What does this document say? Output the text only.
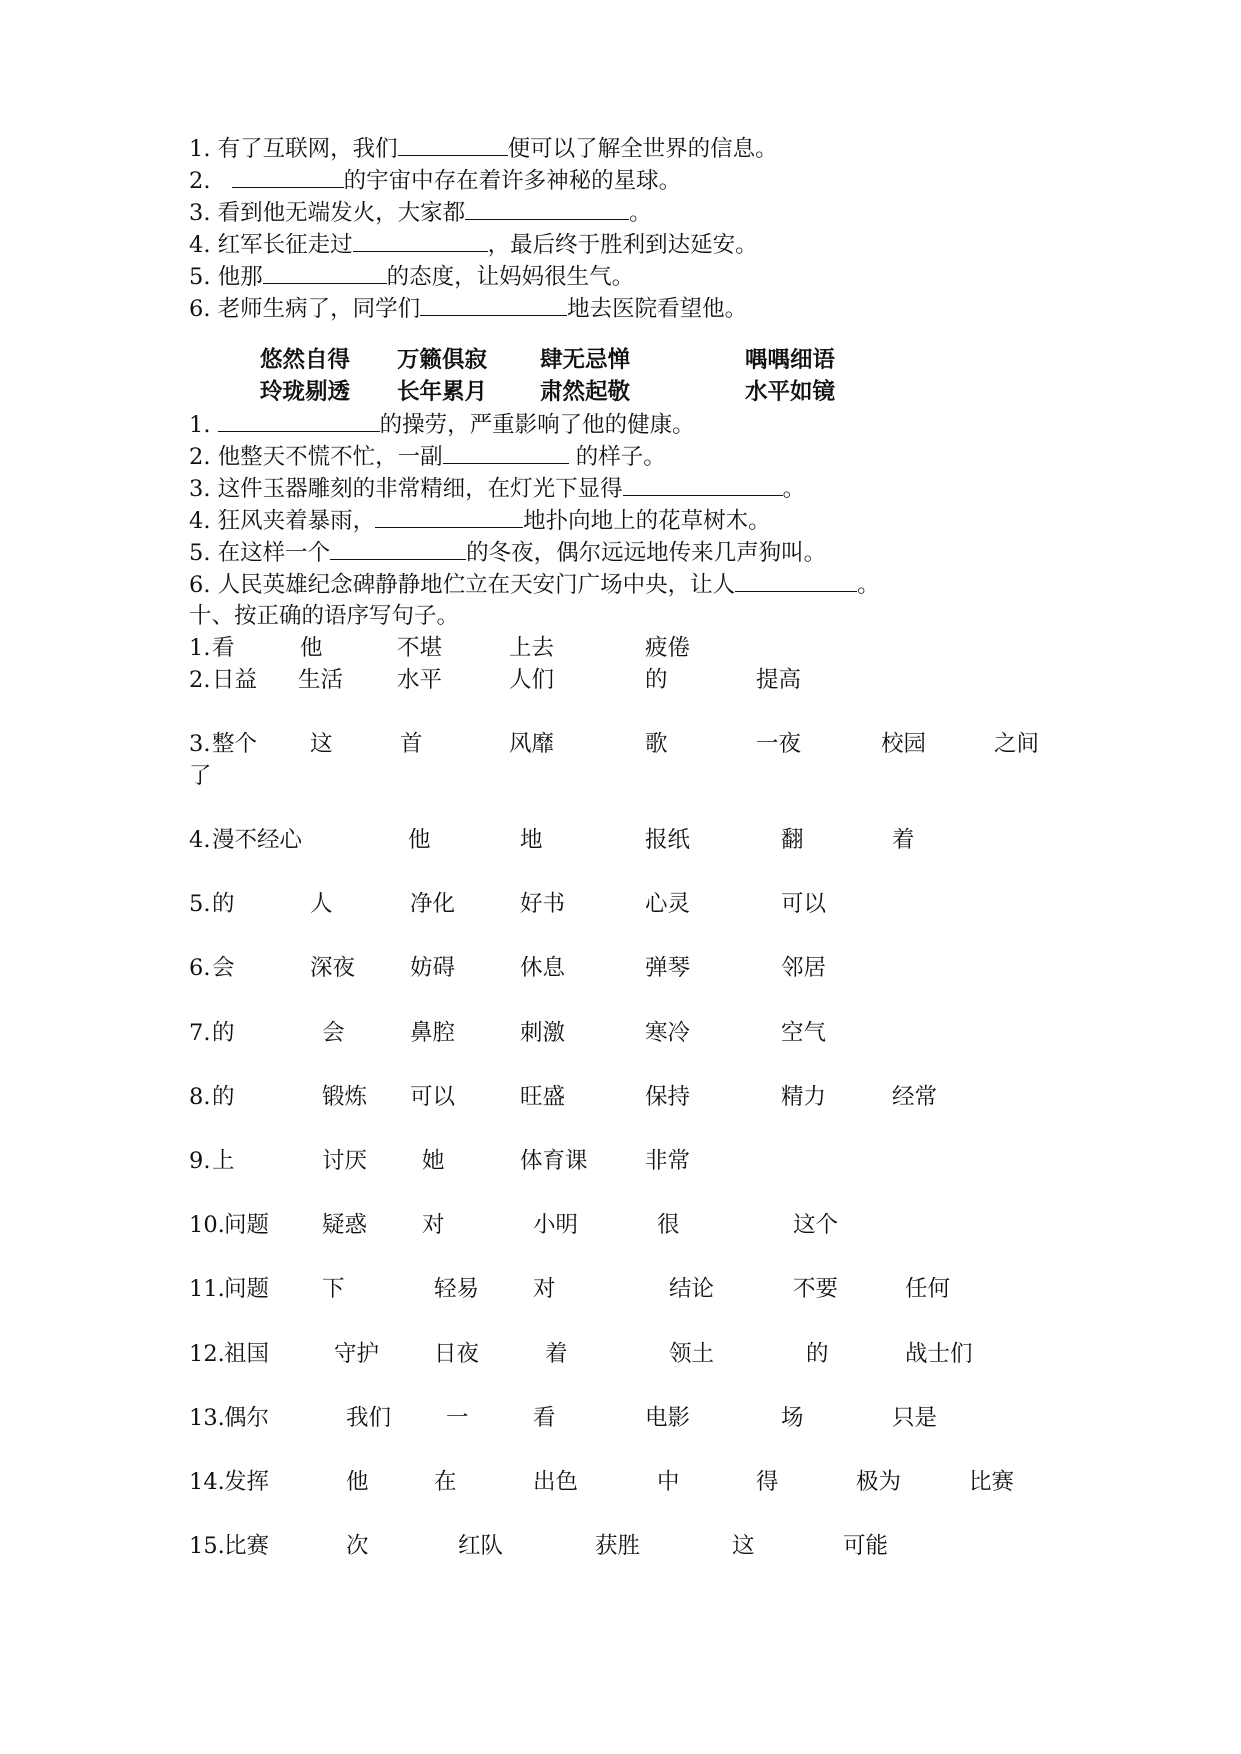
1. 有了互联网，我们	便可以了解全世界的信息。
2.	的宇宙中存在着许多神秘的星球。
3. 看到他无端发火，大家都	。
4. 红军长征走过	，最后终于胜利到达延安。
5. 他那	的态度，让妈妈很生气。
6. 老师生病了，同学们	地去医院看望他。
悠然自得 万籁俱寂 肆无忌惮	喁喁细语
玲珑剔透 长年累月 肃然起敬	水平如镜
1.	的操劳，严重影响了他的健康。
2. 他整天不慌不忙，一副	的样子。
3. 这件玉器雕刻的非常精细，在灯光下显得	。
4. 狂风夹着暴雨，	地扑向地上的花草树木。
5. 在这样一个	的冬夜，偶尔远远地传来几声狗叫。
6. 人民英雄纪念碑静静地伫立在天安门广场中央，让人	。
十、按正确的语序写句子。
1. 看	他	不堪	上去	疲倦
2. 日益 生活 水平	人们	的	提高
3. 整个 这	首	风靡	歌	一夜	校园	之间
了
4. 漫不经心	他	地	报纸	翻	着
5. 的	人	净化	好书	心灵	可以
6. 会	深夜 妨碍	休息	弹琴	邻居
7. 的	会	鼻腔	刺激	寒冷	空气
8. 的	锻炼 可以	旺盛	保持	精力	经常
9. 上	讨厌 她	体育课	非常
10. 问题 疑惑 对	小明	很	这个
11. 问题 下	轻易 对	结论	不要	任何
12. 祖国	守护 日夜	着	领土	的	战士们
13. 偶尔	我们 一	看	电影	场	只是
14. 发挥	他	在	出色	中	得	极为	比赛
15. 比赛	次	红队	获胜	这	可能
